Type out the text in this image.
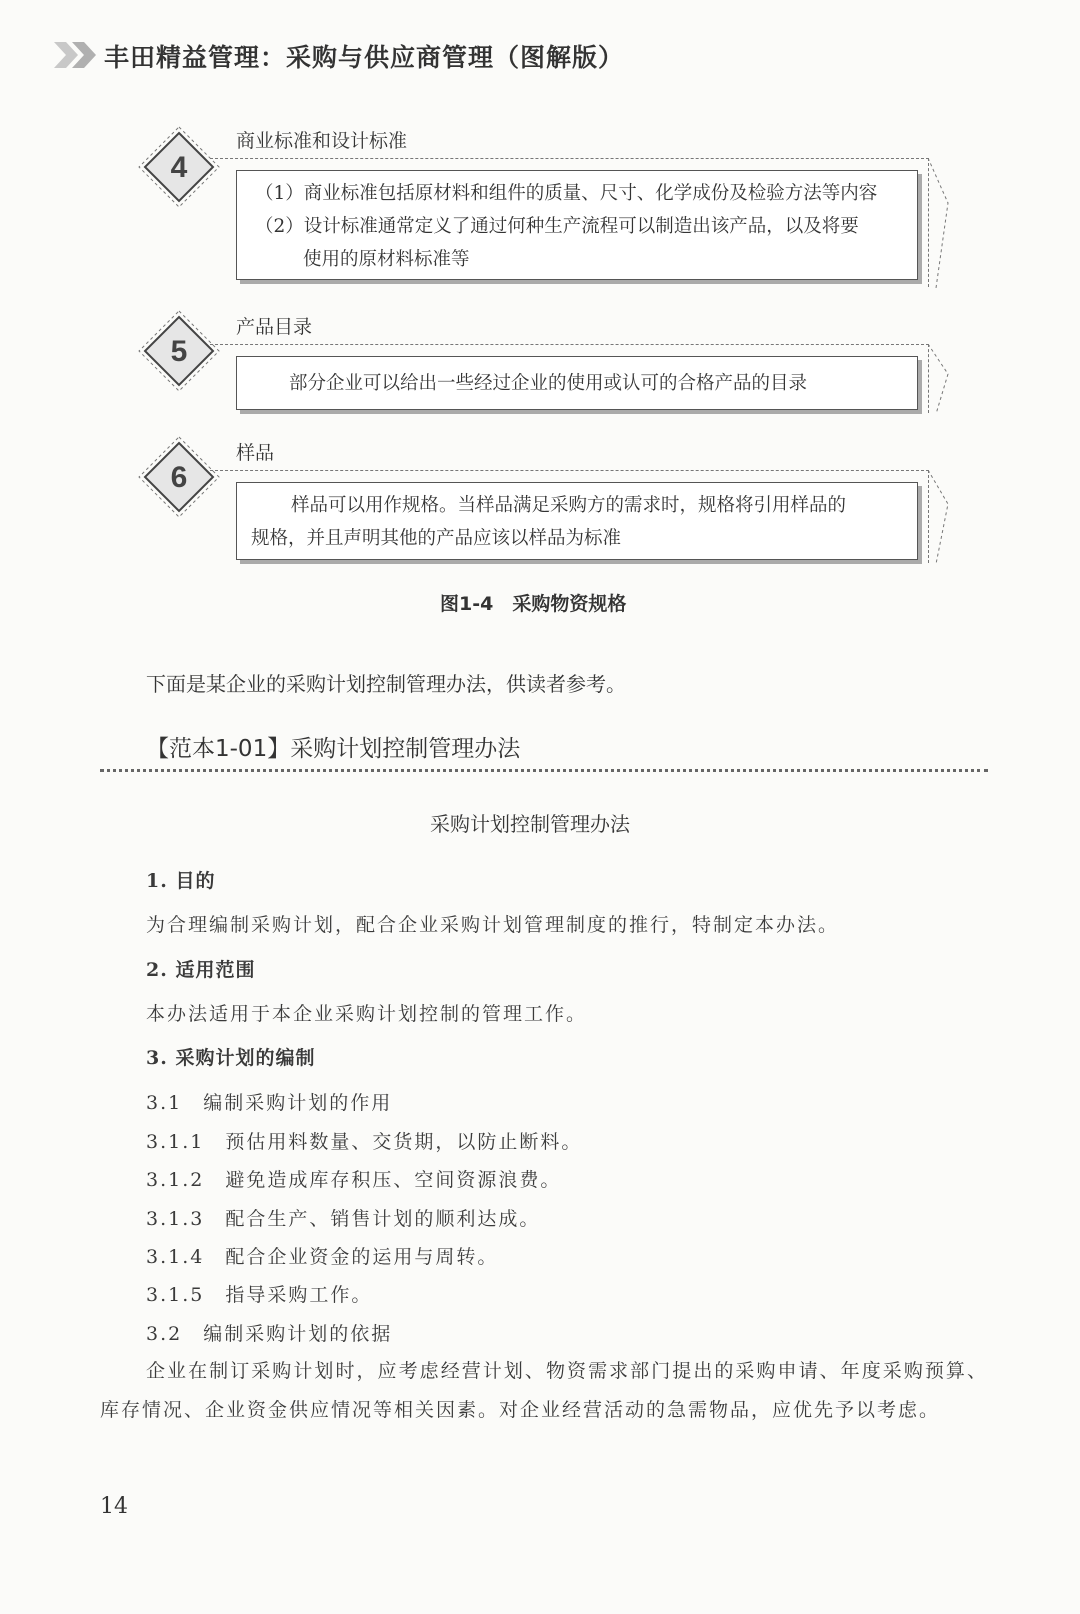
丰田精益管理：采购与供应商管理（图解版）
4
商业标准和设计标准

（1）商业标准包括原材料和组件的质量、尺寸、化学成份及检验方法等内容

（2）设计标准通常定义了通过何种生产流程可以制造出该产品，以及将要

使用的原材料标准等

5
产品目录

部分企业可以给出一些经过企业的使用或认可的合格产品的目录

6
样品

样品可以用作规格。当样品满足采购方的需求时，规格将引用样品的

规格，并且声明其他的产品应该以样品为标准

图1-4　采购物资规格
下面是某企业的采购计划控制管理办法，供读者参考。
【范本1-01】采购计划控制管理办法
采购计划控制管理办法
1. 目的
为合理编制采购计划，配合企业采购计划管理制度的推行，特制定本办法。
2. 适用范围
本办法适用于本企业采购计划控制的管理工作。
3. 采购计划的编制
3.1　编制采购计划的作用
3.1.1　预估用料数量、交货期，以防止断料。
3.1.2　避免造成库存积压、空间资源浪费。
3.1.3　配合生产、销售计划的顺利达成。
3.1.4　配合企业资金的运用与周转。
3.1.5　指导采购工作。
3.2　编制采购计划的依据
企业在制订采购计划时，应考虑经营计划、物资需求部门提出的采购申请、年度采购预算、库存情况、企业资金供应情况等相关因素。对企业经营活动的急需物品，应优先予以考虑。
14
